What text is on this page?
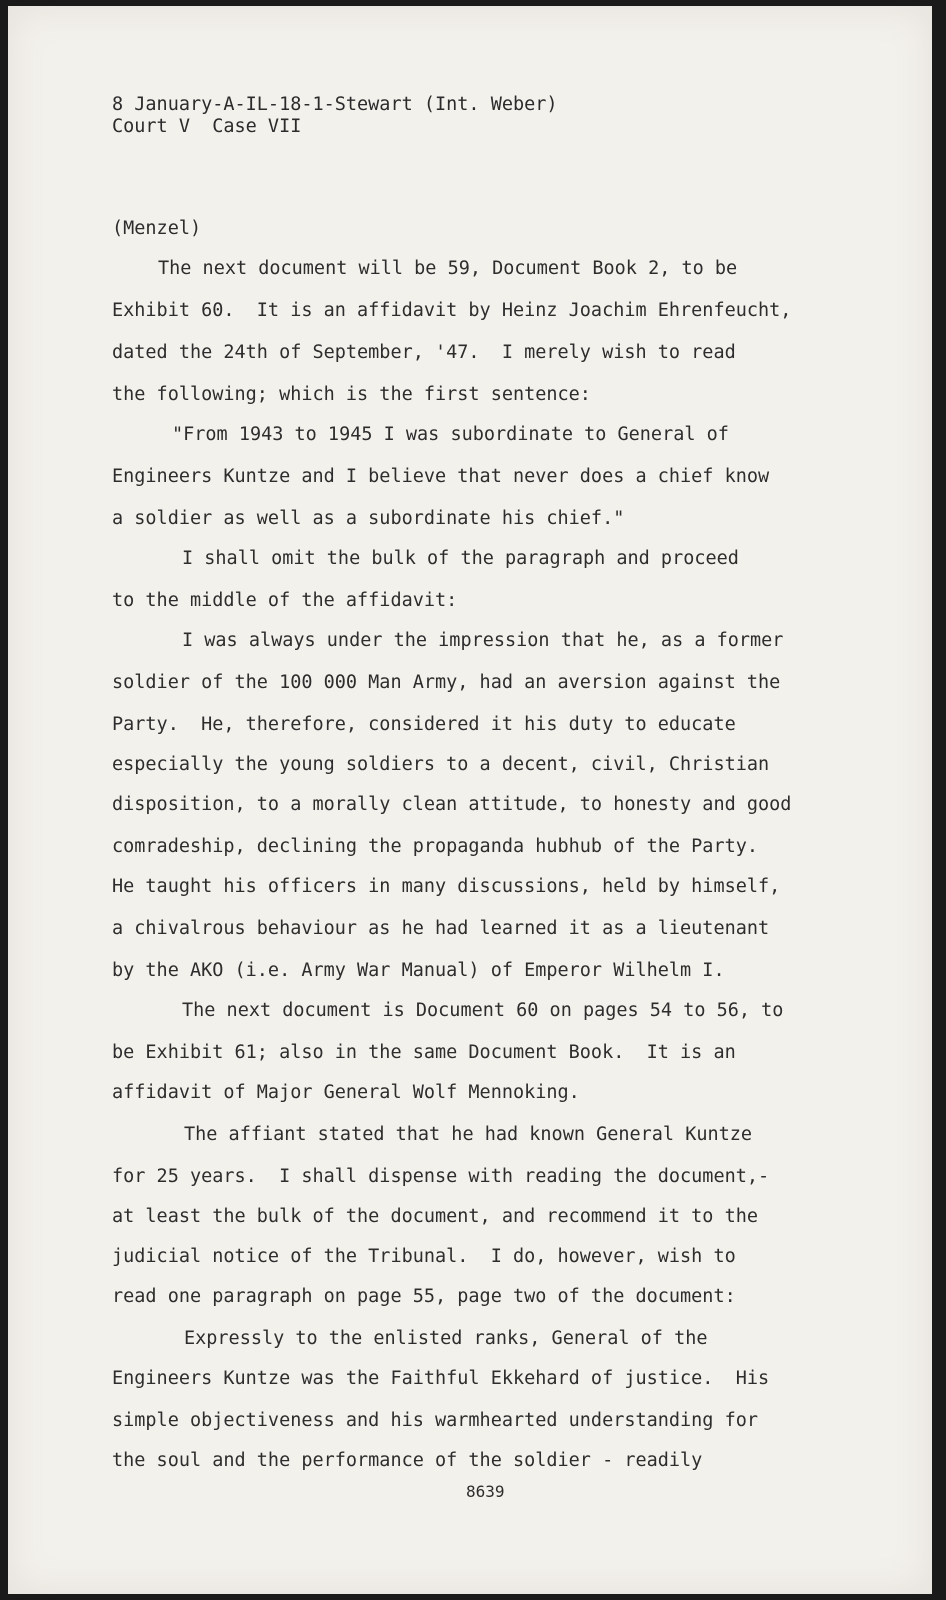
8 January-A-IL-18-1-Stewart (Int. Weber)
Court V  Case VII
(Menzel)
The next document will be 59, Document Book 2, to be
Exhibit 60.  It is an affidavit by Heinz Joachim Ehrenfeucht,
dated the 24th of September, '47.  I merely wish to read
the following; which is the first sentence:
"From 1943 to 1945 I was subordinate to General of
Engineers Kuntze and I believe that never does a chief know
a soldier as well as a subordinate his chief."
I shall omit the bulk of the paragraph and proceed
to the middle of the affidavit:
I was always under the impression that he, as a former
soldier of the 100 000 Man Army, had an aversion against the
Party.  He, therefore, considered it his duty to educate
especially the young soldiers to a decent, civil, Christian
disposition, to a morally clean attitude, to honesty and good
comradeship, declining the propaganda hubhub of the Party.
He taught his officers in many discussions, held by himself,
a chivalrous behaviour as he had learned it as a lieutenant
by the AKO (i.e. Army War Manual) of Emperor Wilhelm I.
The next document is Document 60 on pages 54 to 56, to
be Exhibit 61; also in the same Document Book.  It is an
affidavit of Major General Wolf Mennoking.
The affiant stated that he had known General Kuntze
for 25 years.  I shall dispense with reading the document,-
at least the bulk of the document, and recommend it to the
judicial notice of the Tribunal.  I do, however, wish to
read one paragraph on page 55, page two of the document:
Expressly to the enlisted ranks, General of the
Engineers Kuntze was the Faithful Ekkehard of justice.  His
simple objectiveness and his warmhearted understanding for
the soul and the performance of the soldier - readily
8639
